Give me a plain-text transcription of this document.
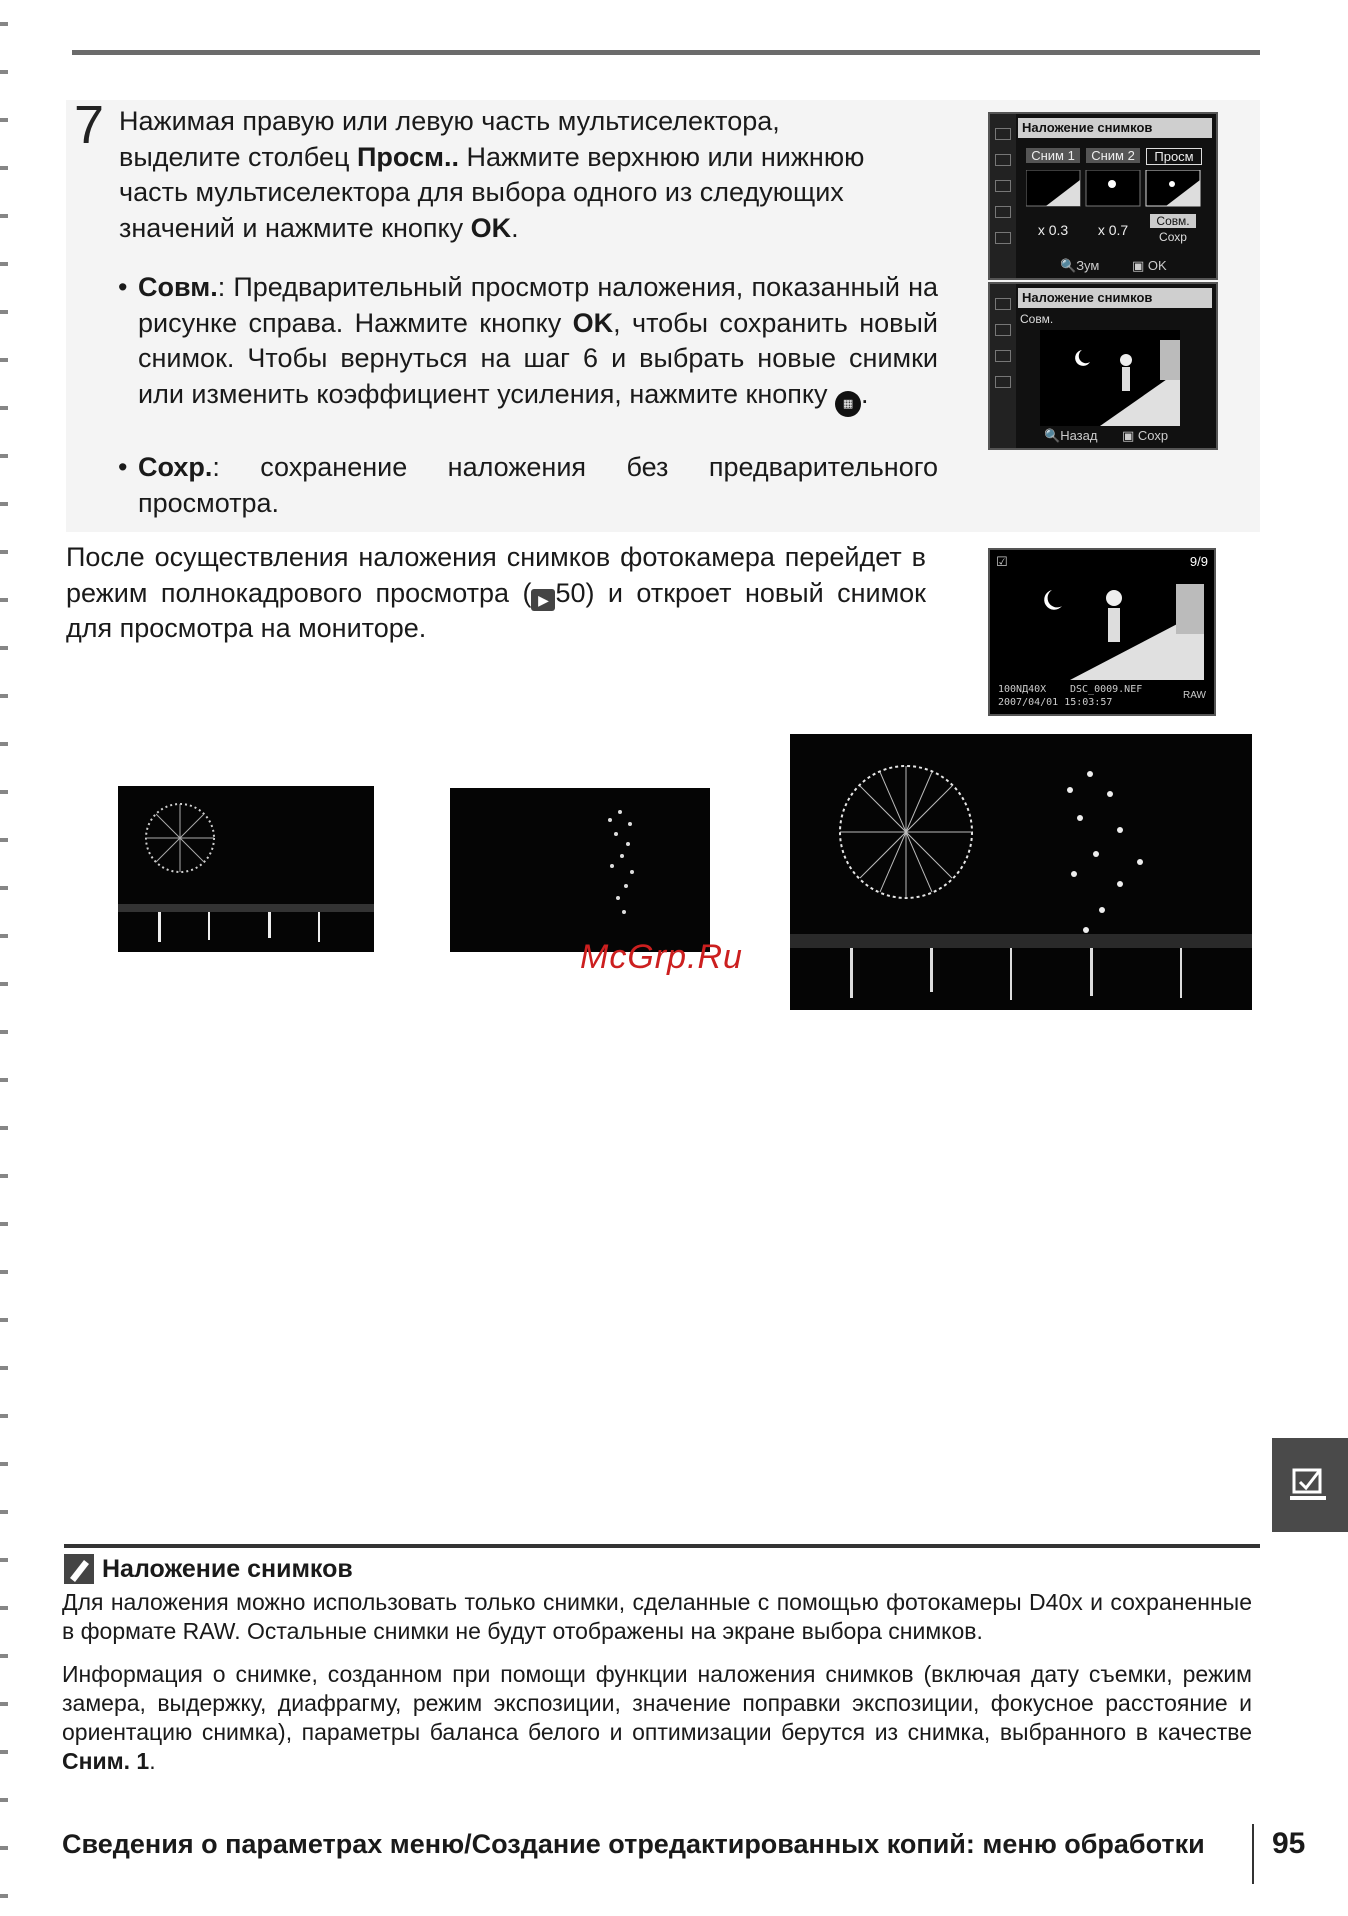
7 Нажимая правую или левую часть мультиселектора,
выделите столбец Просм.. Нажмите верхнюю или нижнюю
часть мультиселектора для выбора одного из следующих
значений и нажмите кнопку OK.
• Совм.: Предварительный просмотр наложения, показанный на рисунке справа. Нажмите кнопку OK, чтобы сохранить новый снимок. Чтобы вернуться на шаг 6 и выбрать новые снимки или изменить коэффициент усиления, нажмите кнопку ▦ .
• Сохр.: сохранение наложения без предварительного просмотра.
После осуществления наложения снимков фотокамера перейдет в режим полнокадрового просмотра ( ▶ 50) и откроет новый снимок для просмотра на мониторе.
Наложение снимков
Сним 1	Сним 2	Просм
x 0.3	x 0.7
Совм.
Сохр
🔍Зум	▣ OK
Наложение снимков
Совм.
🔍Назад ▣ Сохр
☑	9/9
100NД40X DSC_0009.NEF
2007/04/01 15:03:57
RAW
McGrp.Ru
Наложение снимков
Для наложения можно использовать только снимки, сделанные с помощью фотокамеры D40x и сохраненные в формате RAW. Остальные снимки не будут отображены на экране выбора снимков.
Информация о снимке, созданном при помощи функции наложения снимков (включая дату съемки, режим замера, выдержку, диафрагму, режим экспозиции, значение поправки экспозиции, фокусное расстояние и ориентацию снимка), параметры баланса белого и оптимизации берутся из снимка, выбранного в качестве Сним. 1.
Сведения о параметрах меню/Создание отредактированных копий: меню обработки 95
